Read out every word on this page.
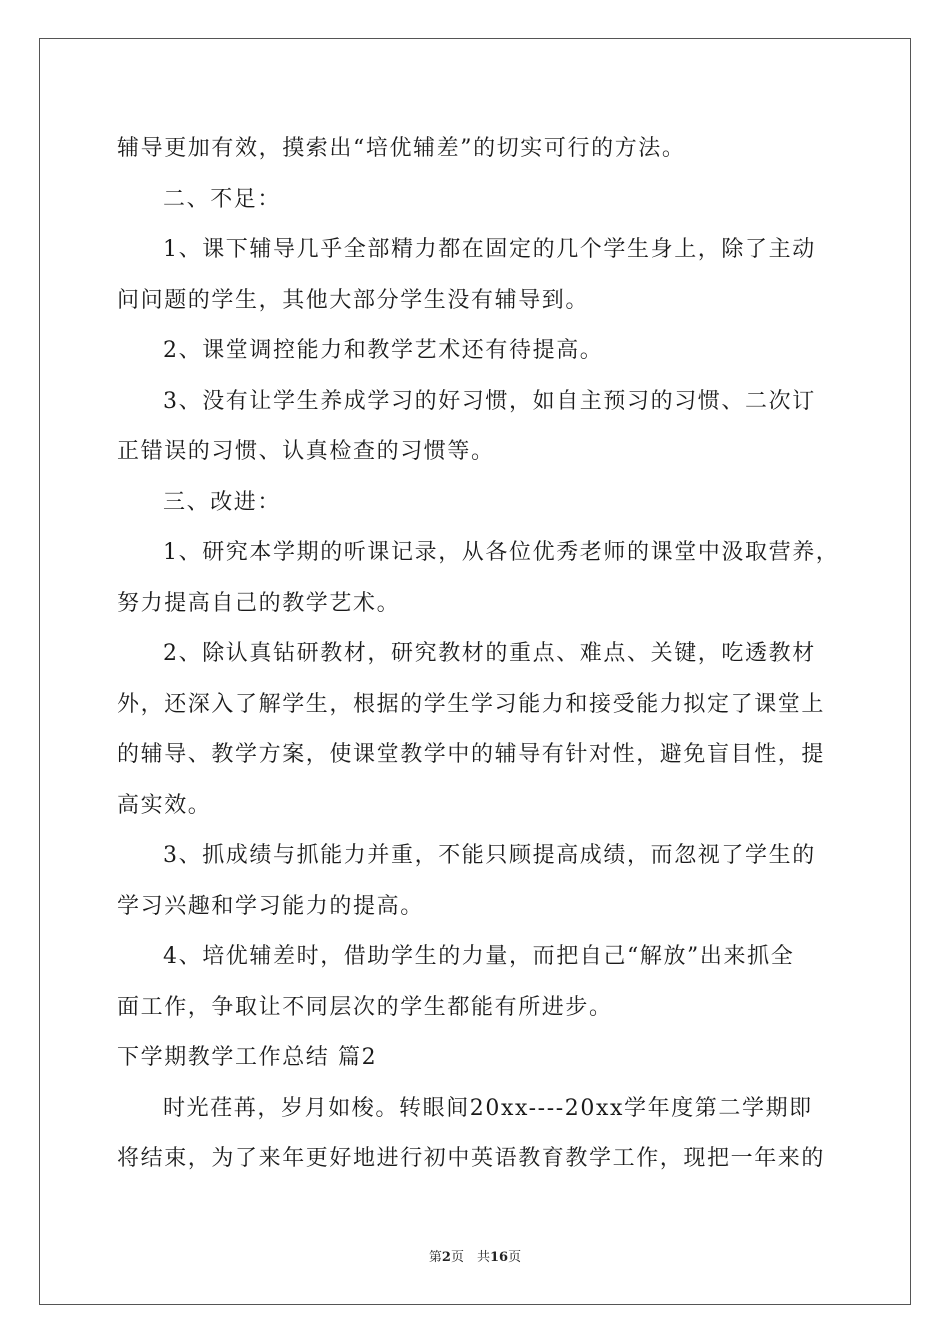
辅导更加有效，摸索出“培优辅差”的切实可行的方法。
二、不足：
1、课下辅导几乎全部精力都在固定的几个学生身上，除了主动
问问题的学生，其他大部分学生没有辅导到。
2、课堂调控能力和教学艺术还有待提高。
3、没有让学生养成学习的好习惯，如自主预习的习惯、二次订
正错误的习惯、认真检查的习惯等。
三、改进：
1、研究本学期的听课记录，从各位优秀老师的课堂中汲取营养，
努力提高自己的教学艺术。
2、除认真钻研教材，研究教材的重点、难点、关键，吃透教材
外，还深入了解学生，根据的学生学习能力和接受能力拟定了课堂上
的辅导、教学方案，使课堂教学中的辅导有针对性，避免盲目性，提
高实效。
3、抓成绩与抓能力并重，不能只顾提高成绩，而忽视了学生的
学习兴趣和学习能力的提高。
4、培优辅差时，借助学生的力量，而把自己“解放”出来抓全
面工作，争取让不同层次的学生都能有所进步。
下学期教学工作总结 篇2
时光荏苒，岁月如梭。转眼间20xx----20xx学年度第二学期即
将结束，为了来年更好地进行初中英语教育教学工作，现把一年来的
第2页　共16页
